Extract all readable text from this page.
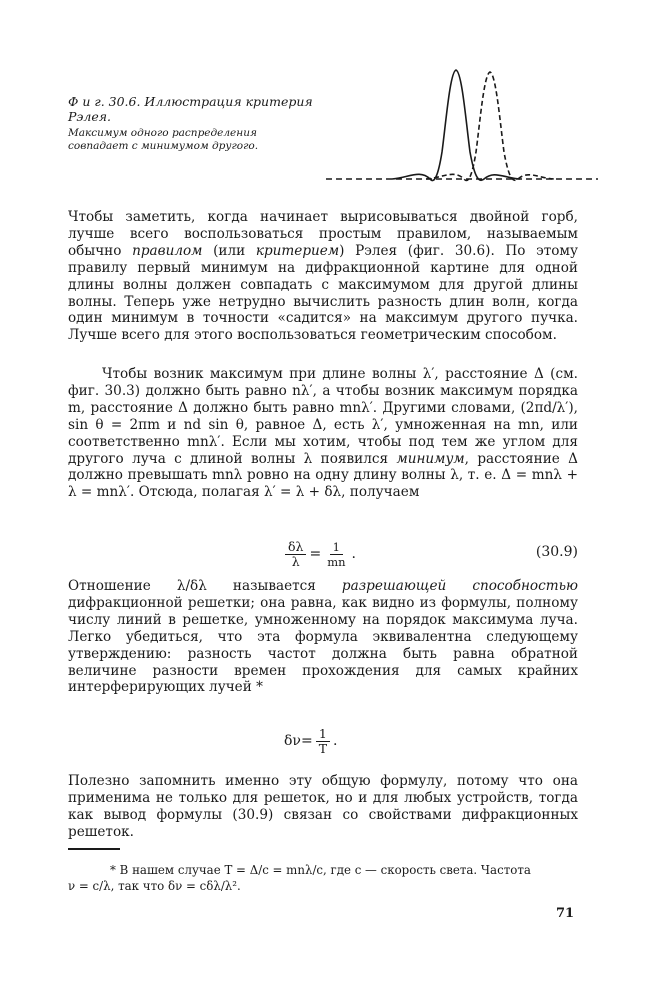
Ф и г. 30.6. Иллюстрация критерия Рэлея.

Максимум одного распределения совпадает с минимумом другого.

Чтобы заметить, когда начинает вырисовываться двойной горб, лучше всего воспользоваться простым правилом, называемым обычно правилом (или критерием) Рэлея (фиг. 30.6). По этому правилу первый минимум на дифракционной картине для одной длины волны должен совпадать с максимумом для другой длины волны. Теперь уже нетрудно вычислить разность длин волн, когда один минимум в точности «садится» на максимум другого пучка. Лучше всего для этого воспользоваться геометрическим способом.

Чтобы возник максимум при длине волны λ′, расстояние Δ (см. фиг. 30.3) должно быть равно nλ′, а чтобы возник максимум порядка m, расстояние Δ должно быть равно mnλ′. Другими словами, (2πd/λ′), sin θ = 2πm и nd sin θ, равное Δ, есть λ′, умноженная на mn, или соответственно mnλ′. Если мы хотим, чтобы под тем же углом для другого луча с длиной волны λ появился минимум, расстояние Δ должно превышать mnλ ровно на одну длину волны λ, т. е. Δ = mnλ + λ = mnλ′. Отсюда, полагая λ′ = λ + δλ, получаем

$\frac{\delta\lambda}{\lambda} = \frac{1}{mn}$ .	(30.9)

Отношение λ/δλ называется разрешающей способностью дифракционной решетки; она равна, как видно из формулы, полному числу линий в решетке, умноженному на порядок максимума луча. Легко убедиться, что эта формула эквивалентна следующему утверждению: разность частот должна быть равна обратной величине разности времен прохождения для самых крайних интерферирующих лучей *

$\delta\nu = \frac{1}{T}$ .

Полезно запомнить именно эту общую формулу, потому что она применима не только для решеток, но и для любых устройств, тогда как вывод формулы (30.9) связан со свойствами дифракционных решеток.

* В нашем случае T = Δ/c = mnλ/c, где c — скорость света. Частота
ν = c/λ, так что δν = cδλ/λ².
71
